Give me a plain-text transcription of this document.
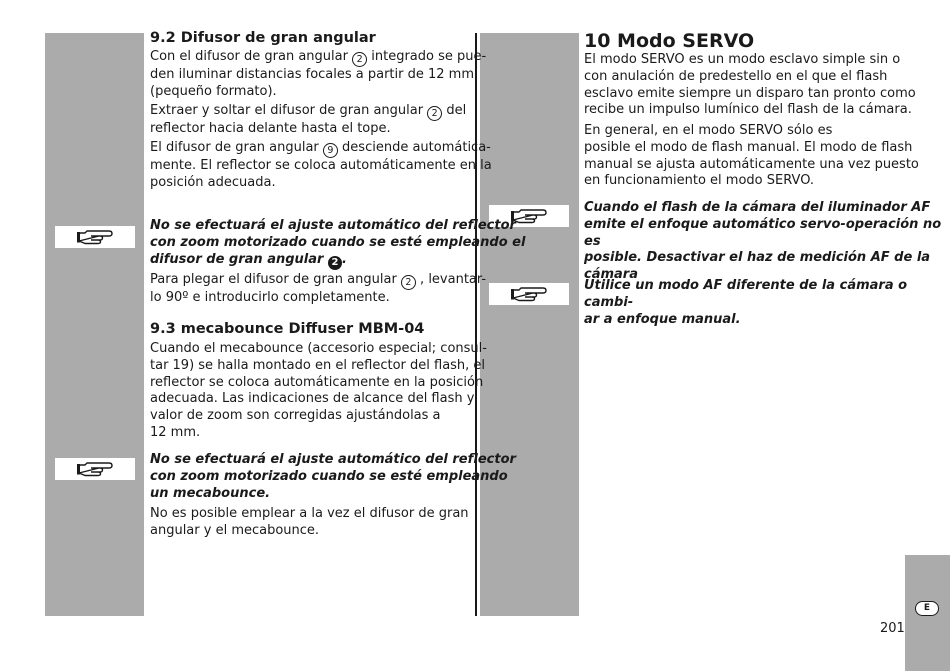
9.2 Difusor de gran angular
Con el difusor de gran angular 2 integrado se pue-
den iluminar distancias focales a partir de 12 mm
(pequeño formato).
Extraer y soltar el difusor de gran angular 2 del
reflector hacia delante hasta el tope.
El difusor de gran angular 9 desciende automática-
mente. El reflector se coloca automáticamente en la
posición adecuada.
No se efectuará el ajuste automático del reflector
con zoom motorizado cuando se esté empleando el
difusor de gran angular 2 .
Para plegar el difusor de gran angular 2 , levantar-
lo 90º e introducirlo completamente.
9.3 mecabounce Diffuser MBM-04
Cuando el mecabounce (accesorio especial; consul-
tar 19) se halla montado en el reflector del flash, el
reflector se coloca automáticamente en la posición
adecuada. Las indicaciones de alcance del flash y
valor de zoom son corregidas ajustándolas a
12 mm.
No se efectuará el ajuste automático del reflector
con zoom motorizado cuando se esté empleando
un mecabounce.
No es posible emplear a la vez el difusor de gran
angular y el mecabounce.
10 Modo SERVO
El modo SERVO es un modo esclavo simple sin o
con anulación de predestello en el que el flash
esclavo emite siempre un disparo tan pronto como
recibe un impulso lumínico del flash de la cámara.
En general, en el modo SERVO sólo es
posible el modo de flash manual. El modo de flash
manual se ajusta automáticamente una vez puesto
en funcionamiento el modo SERVO.
Cuando el flash de la cámara del iluminador AF
emite el enfoque automático servo-operación no es
posible. Desactivar el haz de medición AF de la
cámara
Utilice un modo AF diferente de la cámara o cambi-
ar a enfoque manual.
E
201
